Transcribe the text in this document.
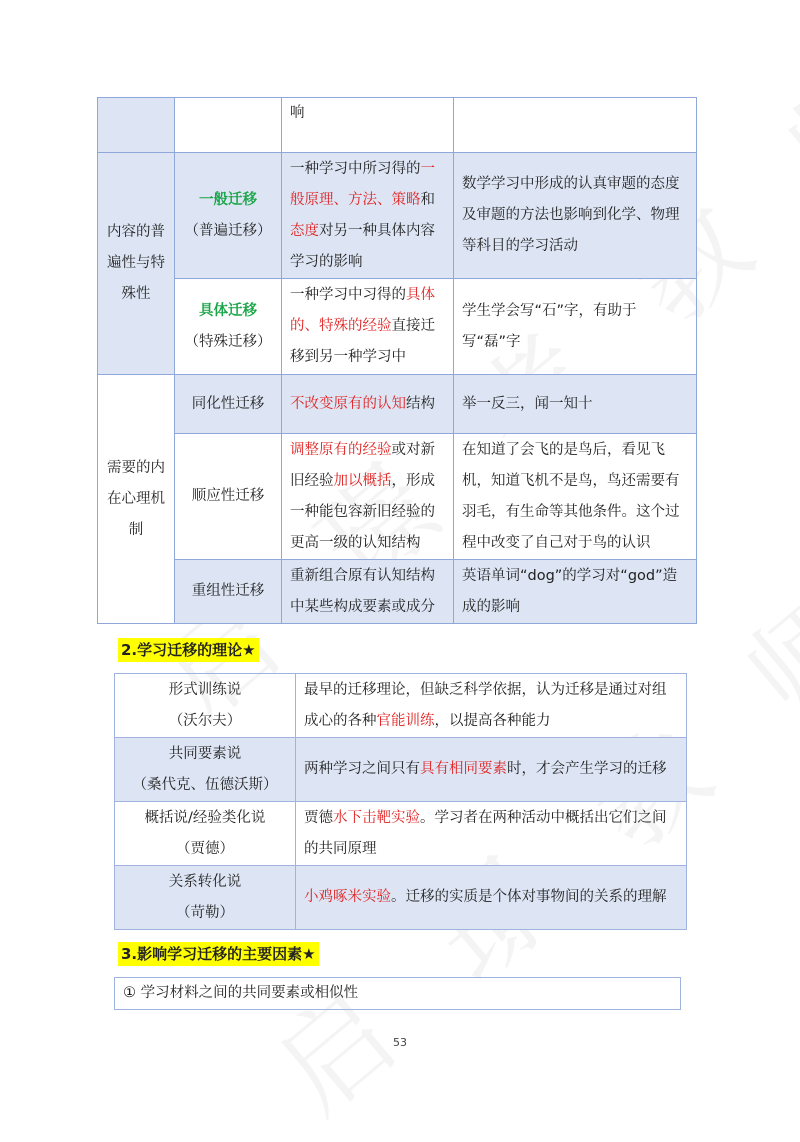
		响	
内容的普遍性与特殊性	一般迁移
（普遍迁移）	一种学习中所习得的一般原理、方法、策略和态度对另一种具体内容学习的影响	数学学习中形成的认真审题的态度及审题的方法也影响到化学、物理等科目的学习活动

	具体迁移
（特殊迁移）	一种学习中习得的具体的、特殊的经验直接迁移到另一种学习中	学生学会写“石”字，有助于写“磊”字
需要的内在心理机制	同化性迁移	不改变原有的认知结构	举一反三，闻一知十
	顺应性迁移	调整原有的经验或对新旧经验加以概括，形成一种能包容新旧经验的更高一级的认知结构	在知道了会飞的是鸟后，看见飞机，知道飞机不是鸟，鸟还需要有羽毛，有生命等其他条件。这个过程中改变了自己对于鸟的认识
	重组性迁移	重新组合原有认知结构中某些构成要素或成分	英语单词“dog”的学习对“god”造成的影响
2.学习迁移的理论★
形式训练说
（沃尔夫）	最早的迁移理论，但缺乏科学依据，认为迁移是通过对组成心的各种官能训练，以提高各种能力

共同要素说
（桑代克、伍德沃斯）	两种学习之间只有具有相同要素时，才会产生学习的迁移

概括说/经验类化说
（贾德）	贾德水下击靶实验。学习者在两种活动中概括出它们之间的共同原理

关系转化说
（苛勒）	小鸡啄米实验。迁移的实质是个体对事物间的关系的理解
3.影响学习迁移的主要因素★
① 学习材料之间的共同要素或相似性
53
